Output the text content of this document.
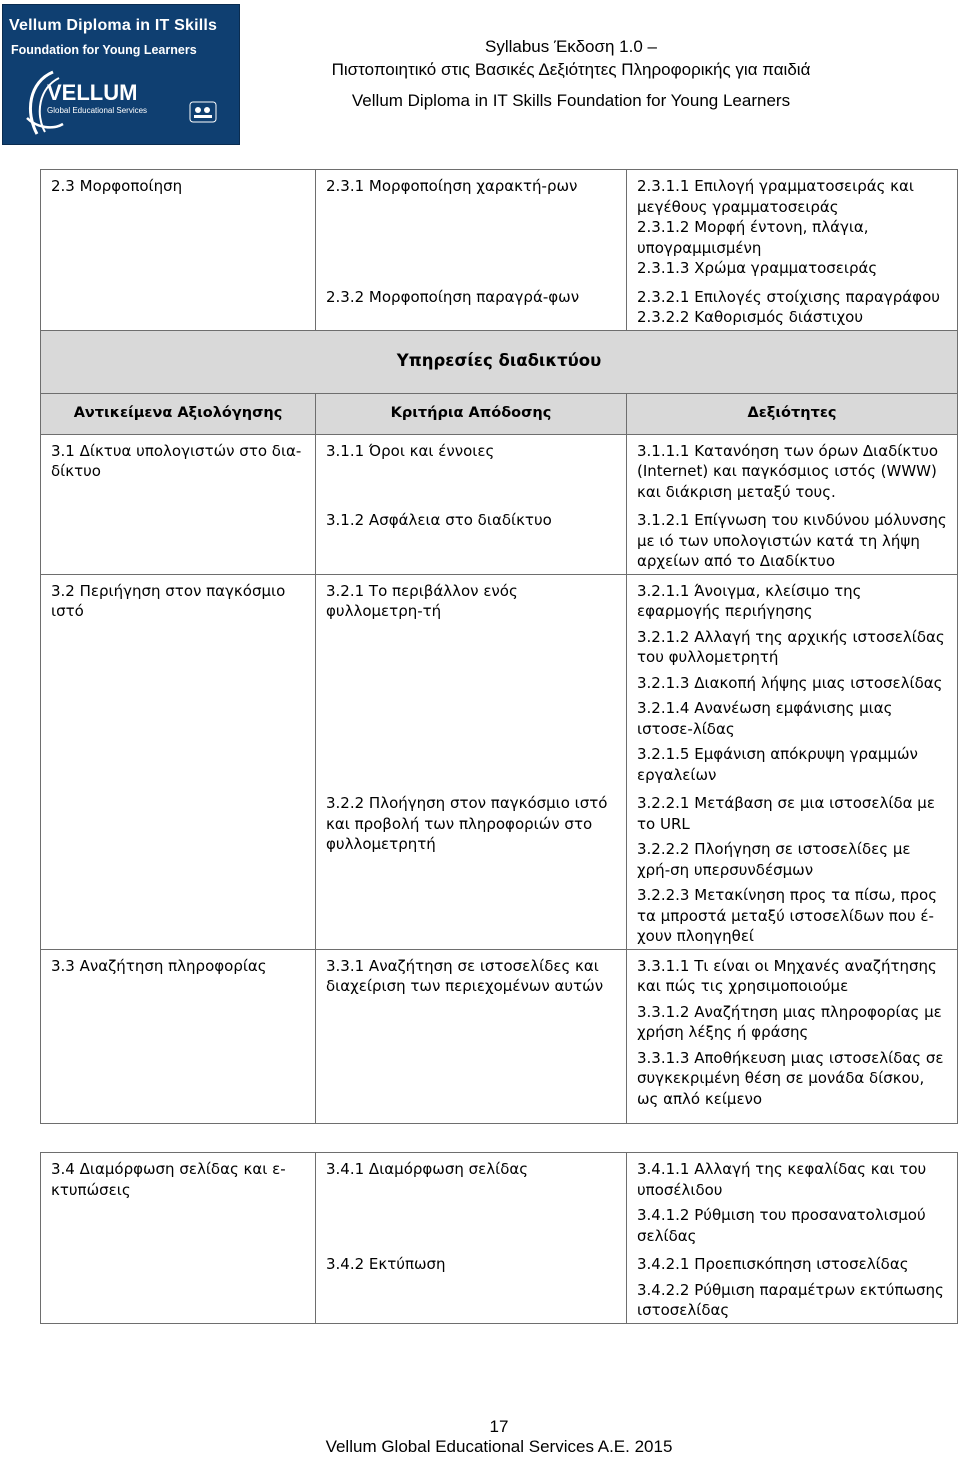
Vellum Diploma in IT Skills
Foundation for Young Learners
VELLUM
Global Educational Services
Syllabus Έκδοση 1.0 –
Πιστοποιητικό στις Βασικές Δεξιότητες Πληροφορικής για παιδιά
Vellum Diploma in IT Skills Foundation for Young Learners
2.3 Μορφοποίηση	2.3.1 Μορφοποίηση χαρακτή-ρων	2.3.1.1 Επιλογή γραμματοσειράς και μεγέθους γραμματοσειράς
2.3.1.2 Μορφή έντονη, πλάγια, υπογραμμισμένη
2.3.1.3 Χρώμα γραμματοσειράς

	2.3.2 Μορφοποίηση παραγρά-φων	2.3.2.1 Επιλογές στοίχισης παραγράφου
2.3.2.2 Καθορισμός διάστιχου

Υπηρεσίες διαδικτύου		
Αντικείμενα Αξιολόγησης	Κριτήρια Απόδοσης	Δεξιότητες
3.1 Δίκτυα υπολογιστών στο δια-δίκτυο	3.1.1 Όροι και έννοιες	3.1.1.1 Κατανόηση των όρων Διαδίκτυο (Internet) και παγκόσμιος ιστός (WWW) και διάκριση μεταξύ τους.

	3.1.2 Ασφάλεια στο διαδίκτυο	3.1.2.1 Επίγνωση του κινδύνου μόλυνσης με ιό των υπολογιστών κατά τη λήψη αρχείων από το Διαδίκτυο

3.2 Περιήγηση στον παγκόσμιο ιστό	3.2.1 Το περιβάλλον ενός φυλλομετρη-τή	3.2.1.1 Άνοιγμα, κλείσιμο της εφαρμογής περιήγησης
3.2.1.2 Αλλαγή της αρχικής ιστοσελίδας του φυλλομετρητή
3.2.1.3 Διακοπή λήψης μιας ιστοσελίδας
3.2.1.4 Ανανέωση εμφάνισης μιας ιστοσε-λίδας
3.2.1.5 Εμφάνιση απόκρυψη γραμμών εργαλείων

	3.2.2 Πλοήγηση στον παγκόσμιο ιστό και προβολή των πληροφοριών στο φυλλομετρητή	3.2.2.1 Μετάβαση σε μια ιστοσελίδα με το URL
3.2.2.2 Πλοήγηση σε ιστοσελίδες με χρή-ση υπερσυνδέσμων
3.2.2.3 Μετακίνηση προς τα πίσω, προς τα μπροστά μεταξύ ιστοσελίδων που έ-χουν πλοηγηθεί

3.3 Αναζήτηση πληροφορίας	3.3.1 Αναζήτηση σε ιστοσελίδες και διαχείριση των περιεχομένων αυτών	3.3.1.1 Τι είναι οι Μηχανές αναζήτησης και πώς τις χρησιμοποιούμε
3.3.1.2 Αναζήτηση μιας πληροφορίας με χρήση λέξης ή φράσης
3.3.1.3 Αποθήκευση μιας ιστοσελίδας σε συγκεκριμένη θέση σε μονάδα δίσκου, ως απλό κείμενο

3.4 Διαμόρφωση σελίδας και ε-κτυπώσεις	3.4.1 Διαμόρφωση σελίδας	3.4.1.1 Αλλαγή της κεφαλίδας και του υποσέλιδου
3.4.1.2 Ρύθμιση του προσανατολισμού σελίδας

	3.4.2 Εκτύπωση	3.4.2.1 Προεπισκόπηση ιστοσελίδας
3.4.2.2 Ρύθμιση παραμέτρων εκτύπωσης ιστοσελίδας
17
Vellum Global Educational Services A.E. 2015
